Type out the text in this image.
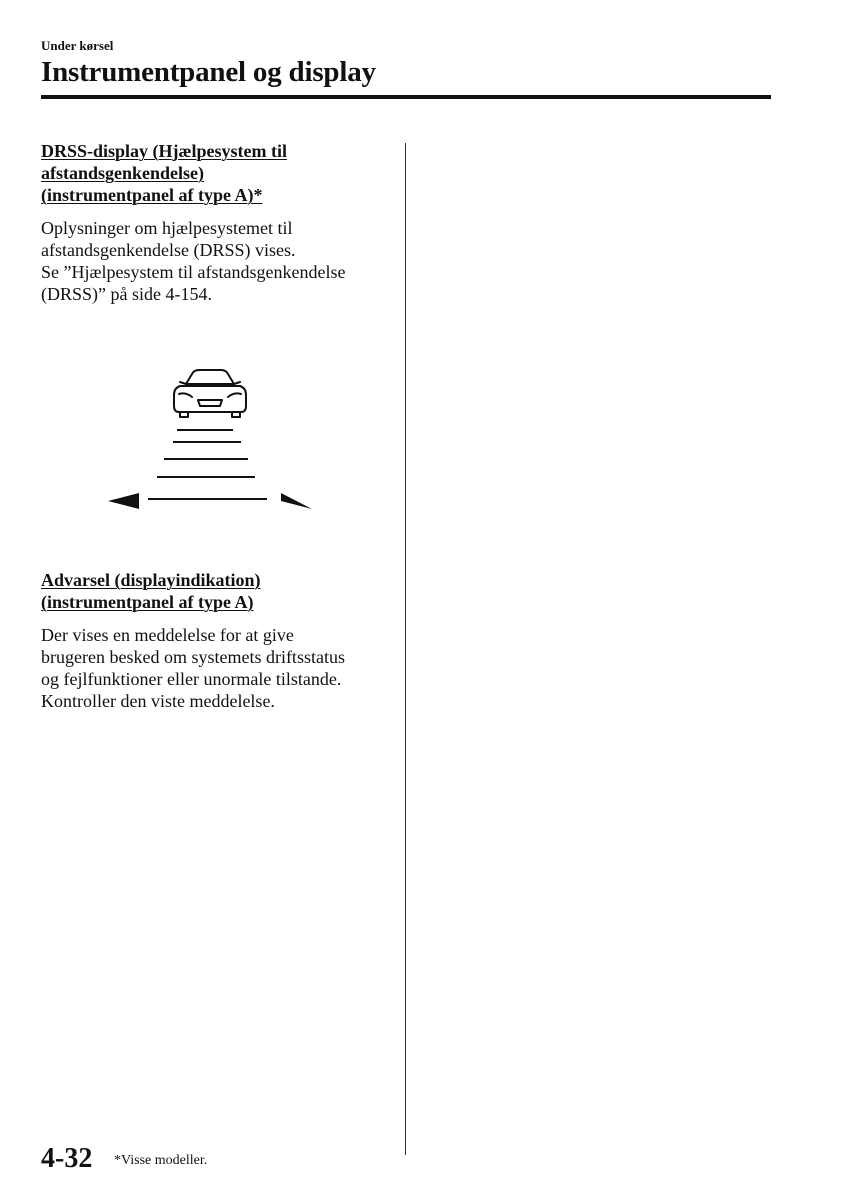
Under kørsel
Instrumentpanel og display
DRSS-display (Hjælpesystem til
afstandsgenkendelse)
(instrumentpanel af type A)*
Oplysninger om hjælpesystemet til
afstandsgenkendelse (DRSS) vises.
Se ”Hjælpesystem til afstandsgenkendelse
(DRSS)” på side 4-154.
Advarsel (displayindikation)
(instrumentpanel af type A)
Der vises en meddelelse for at give
brugeren besked om systemets driftsstatus
og fejlfunktioner eller unormale tilstande.
Kontroller den viste meddelelse.
4-32 *Visse modeller.
